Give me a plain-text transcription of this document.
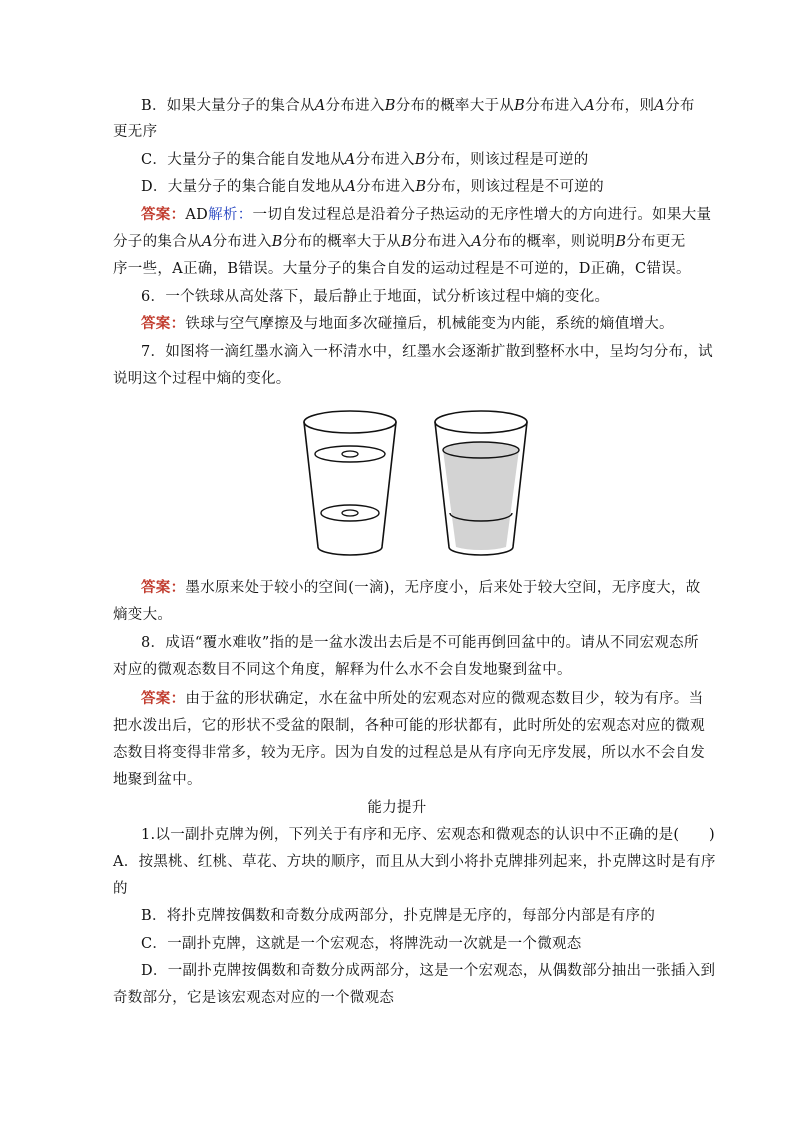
B．如果大量分子的集合从A分布进入B分布的概率大于从B分布进入A分布，则A分布
更无序
C．大量分子的集合能自发地从A分布进入B分布，则该过程是可逆的
D．大量分子的集合能自发地从A分布进入B分布，则该过程是不可逆的
答案：AD解析：一切自发过程总是沿着分子热运动的无序性增大的方向进行。如果大量
分子的集合从A分布进入B分布的概率大于从B分布进入A分布的概率，则说明B分布更无
序一些，A正确，B错误。大量分子的集合自发的运动过程是不可逆的，D正确，C错误。
6．一个铁球从高处落下，最后静止于地面，试分析该过程中熵的变化。
答案：铁球与空气摩擦及与地面多次碰撞后，机械能变为内能，系统的熵值增大。
7．如图将一滴红墨水滴入一杯清水中，红墨水会逐渐扩散到整杯水中，呈均匀分布，试
说明这个过程中熵的变化。
答案：墨水原来处于较小的空间(一滴)，无序度小，后来处于较大空间，无序度大，故
熵变大。
8．成语“覆水难收”指的是一盆水泼出去后是不可能再倒回盆中的。请从不同宏观态所
对应的微观态数目不同这个角度，解释为什么水不会自发地聚到盆中。
答案：由于盆的形状确定，水在盆中所处的宏观态对应的微观态数目少，较为有序。当
把水泼出后，它的形状不受盆的限制，各种可能的形状都有，此时所处的宏观态对应的微观
态数目将变得非常多，较为无序。因为自发的过程总是从有序向无序发展，所以水不会自发
地聚到盆中。
能力提升
1.以一副扑克牌为例，下列关于有序和无序、宏观态和微观态的认识中不正确的是(　　)
A．按黑桃、红桃、草花、方块的顺序，而且从大到小将扑克牌排列起来，扑克牌这时是有序
的
B．将扑克牌按偶数和奇数分成两部分，扑克牌是无序的，每部分内部是有序的
C．一副扑克牌，这就是一个宏观态，将牌洗动一次就是一个微观态
D．一副扑克牌按偶数和奇数分成两部分，这是一个宏观态，从偶数部分抽出一张插入到
奇数部分，它是该宏观态对应的一个微观态
